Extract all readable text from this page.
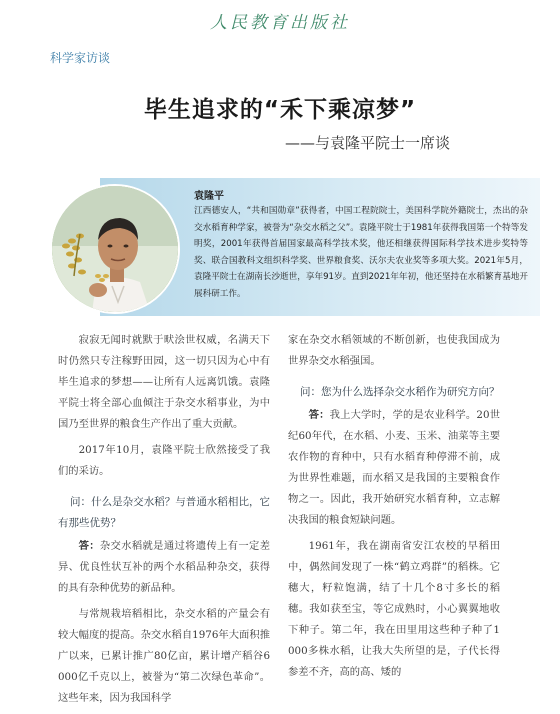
人民教育出版社
科学家访谈
毕生追求的“禾下乘凉梦”
——与袁隆平院士一席谈
袁隆平
江西德安人，“共和国勋章”获得者，中国工程院院士，美国科学院外籍院士，杰出的杂交水稻育种学家，被誉为“杂交水稻之父”。袁隆平院士于1981年获得我国第一个特等发明奖，2001年获得首届国家最高科学技术奖，他还相继获得国际科学技术进步奖特等奖、联合国教科文组织科学奖、世界粮食奖、沃尔夫农业奖等多项大奖。2021年5月，袁隆平院士在湖南长沙逝世，享年91岁。直到2021年年初，他还坚持在水稻繁育基地开展科研工作。

寂寂无闻时就默于畎浍世权威，名满天下时仍然只专注稼野田园，这一切只因为心中有毕生追求的梦想——让所有人远离饥饿。袁隆平院士将全部心血倾注于杂交水稻事业，为中国乃至世界的粮食生产作出了重大贡献。

2017年10月，袁隆平院士欣然接受了我们的采访。

问：什么是杂交水稻？与普通水稻相比，它有那些优势？

答：杂交水稻就是通过将遗传上有一定差异、优良性状互补的两个水稻品种杂交，获得的具有杂种优势的新品种。

与常规栽培稻相比，杂交水稻的产量会有较大幅度的提高。杂交水稻自1976年大面积推广以来，已累计推广80亿亩，累计增产稻谷6 000亿千克以上，被誉为“第二次绿色革命”。这些年来，因为我国科学

家在杂交水稻领域的不断创新，也使我国成为世界杂交水稻强国。

问：您为什么选择杂交水稻作为研究方向？

答：我上大学时，学的是农业科学。20世纪60年代，在水稻、小麦、玉米、油菜等主要农作物的育种中，只有水稻育种停滞不前，成为世界性难题，而水稻又是我国的主要粮食作物之一。因此，我开始研究水稻育种，立志解决我国的粮食短缺问题。

1961年，我在湖南省安江农校的早稻田中，偶然间发现了一株“鹤立鸡群”的稻株。它穗大，籽粒饱满，结了十几个8寸多长的稻穗。我如获至宝，等它成熟时，小心翼翼地收下种子。第二年，我在田里用这些种子种了1 000多株水稻，让我大失所望的是，子代长得参差不齐，高的高、矮的
